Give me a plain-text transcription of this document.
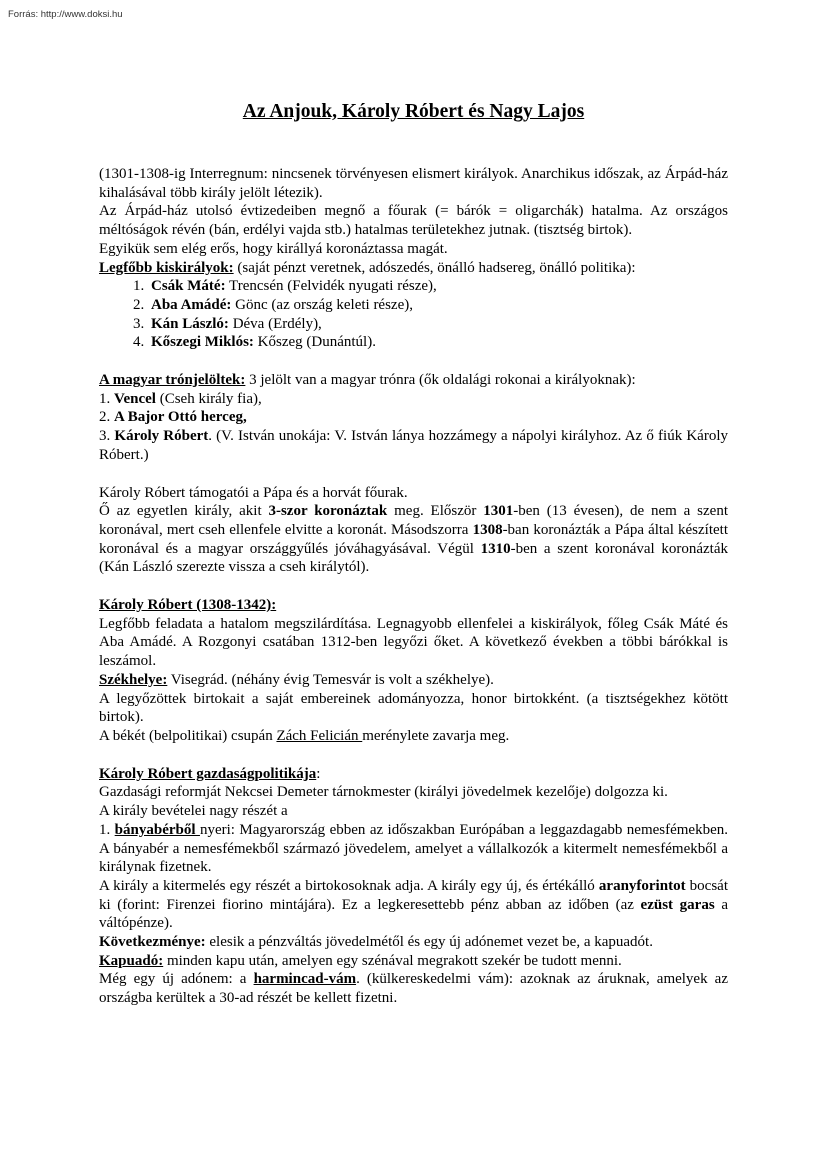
Forrás: http://www.doksi.hu
Az Anjouk, Károly Róbert és Nagy Lajos

(1301-1308-ig Interregnum: nincsenek törvényesen elismert királyok. Anarchikus időszak, az Árpád-ház kihalásával több király jelölt létezik).

Az Árpád-ház utolsó évtizedeiben megnő a főurak (= bárók = oligarchák) hatalma. Az országos méltóságok révén (bán, erdélyi vajda stb.) hatalmas területekhez jutnak. (tisztség birtok).

Egyikük sem elég erős, hogy királlyá koronáztassa magát.

Legfőbb kiskirályok: (saját pénzt veretnek, adószedés, önálló hadsereg, önálló politika):

1. Csák Máté: Trencsén (Felvidék nyugati része),
2. Aba Amádé: Gönc (az ország keleti része),
3. Kán László: Déva (Erdély),
4. Kőszegi Miklós: Kőszeg (Dunántúl).

A magyar trónjelöltek: 3 jelölt van a magyar trónra (ők oldalági rokonai a királyoknak):

1. Vencel (Cseh király fia),

2. A Bajor Ottó herceg,

3. Károly Róbert. (V. István unokája: V. István lánya hozzámegy a nápolyi királyhoz. Az ő fiúk Károly Róbert.)

Károly Róbert támogatói a Pápa és a horvát főurak.

Ő az egyetlen király, akit 3-szor koronáztak meg. Először 1301-ben (13 évesen), de nem a szent koronával, mert cseh ellenfele elvitte a koronát. Másodszorra 1308-ban koronázták a Pápa által készített koronával és a magyar országgyűlés jóváhagyásával. Végül 1310-ben a szent koronával koronázták (Kán László szerezte vissza a cseh királytól).

Károly Róbert (1308-1342):

Legfőbb feladata a hatalom megszilárdítása. Legnagyobb ellenfelei a kiskirályok, főleg Csák Máté és Aba Amádé. A Rozgonyi csatában 1312-ben legyőzi őket. A következő években a többi bárókkal is leszámol.

Székhelye: Visegrád. (néhány évig Temesvár is volt a székhelye).

A legyőzöttek birtokait a saját embereinek adományozza, honor birtokként. (a tisztségekhez kötött birtok).

A békét (belpolitikai) csupán Zách Felicián merénylete zavarja meg.

Károly Róbert gazdaságpolitikája:

Gazdasági reformját Nekcsei Demeter tárnokmester (királyi jövedelmek kezelője) dolgozza ki.

A király bevételei nagy részét a

1. bányabérből nyeri: Magyarország ebben az időszakban Európában a leggazdagabb nemesfémekben. A bányabér a nemesfémekből származó jövedelem, amelyet a vállalkozók a kitermelt nemesfémekből a királynak fizetnek.

A király a kitermelés egy részét a birtokosoknak adja. A király egy új, és értékálló aranyforintot bocsát ki (forint: Firenzei fiorino mintájára). Ez a legkeresettebb pénz abban az időben (az ezüst garas a váltópénze).

Következménye: elesik a pénzváltás jövedelmétől és egy új adónemet vezet be, a kapuadót.

Kapuadó: minden kapu után, amelyen egy szénával megrakott szekér be tudott menni.

Még egy új adónem: a harmincad-vám. (külkereskedelmi vám): azoknak az áruknak, amelyek az országba kerültek a 30-ad részét be kellett fizetni.
